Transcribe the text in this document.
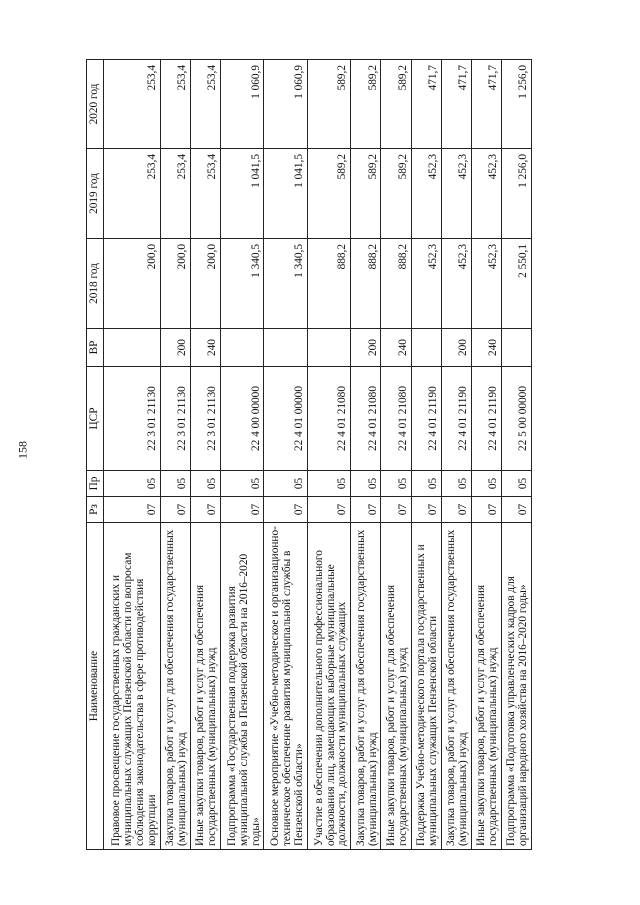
158
Наименование	Рз	Пр	ЦСР	ВР	2018 год	2019 год	2020 год
Правовое просвещение государственных гражданских и муниципальных служащих Пензенской области по вопросам соблюдения законодательства в сфере противодействия коррупции	07	05	22 3 01 21130		200,0	253,4	253,4
Закупка товаров, работ и услуг для обеспечения государственных (муниципальных) нужд	07	05	22 3 01 21130	200	200,0	253,4	253,4
Иные закупки товаров, работ и услуг для обеспечения государственных (муниципальных) нужд	07	05	22 3 01 21130	240	200,0	253,4	253,4
Подпрограмма «Государственная поддержка развития муниципальной службы в Пензенской области на 2016–2020 годы»	07	05	22 4 00 00000		1 340,5	1 041,5	1 060,9
Основное мероприятие «Учебно-методическое и организационно-техническое обеспечение развития муниципальной службы в Пензенской области»	07	05	22 4 01 00000		1 340,5	1 041,5	1 060,9
Участие в обеспечении дополнительного профессионального образования лиц, замещающих выборные муниципальные должности, должности муниципальных служащих	07	05	22 4 01 21080		888,2	589,2	589,2
Закупка товаров, работ и услуг для обеспечения государственных (муниципальных) нужд	07	05	22 4 01 21080	200	888,2	589,2	589,2
Иные закупки товаров, работ и услуг для обеспечения государственных (муниципальных) нужд	07	05	22 4 01 21080	240	888,2	589,2	589,2
Поддержка Учебно-методического портала государственных и муниципальных служащих Пензенской области	07	05	22 4 01 21190		452,3	452,3	471,7
Закупка товаров, работ и услуг для обеспечения государственных (муниципальных) нужд	07	05	22 4 01 21190	200	452,3	452,3	471,7
Иные закупки товаров, работ и услуг для обеспечения государственных (муниципальных) нужд	07	05	22 4 01 21190	240	452,3	452,3	471,7
Подпрограмма «Подготовка управленческих кадров для организаций народного хозяйства на 2016–2020 годы»	07	05	22 5 00 00000		2 550,1	1 256,0	1 256,0
